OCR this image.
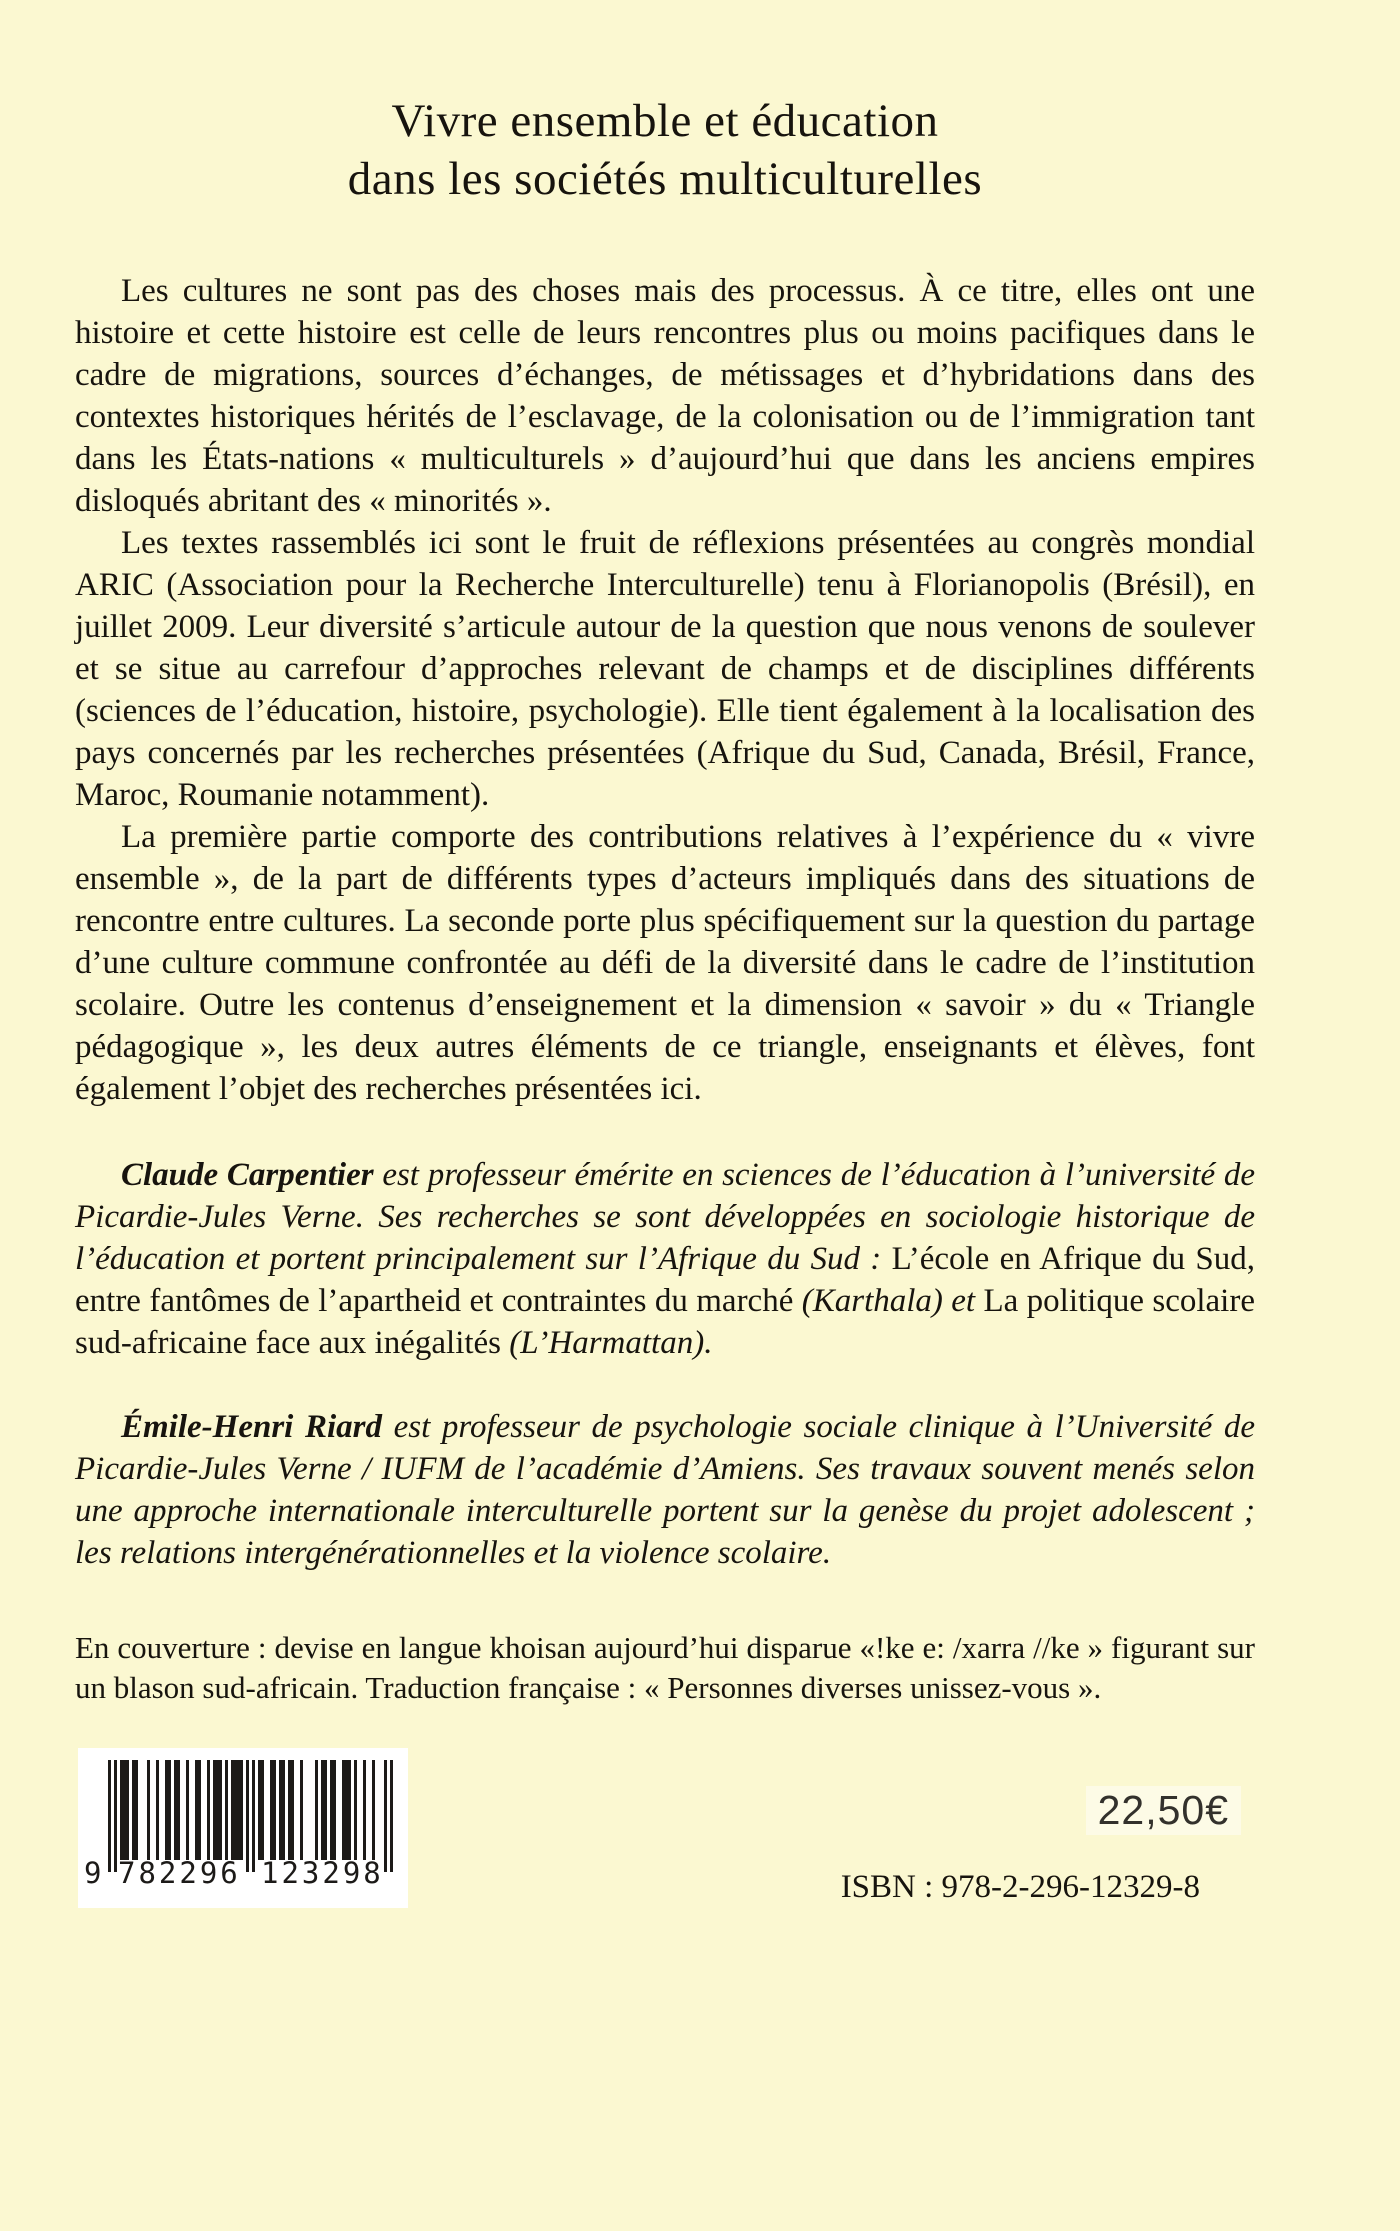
Vivre ensemble et éducation
dans les sociétés multiculturelles

Les cultures ne sont pas des choses mais des processus. À ce titre, elles ont une histoire et cette histoire est celle de leurs rencontres plus ou moins pacifiques dans le cadre de migrations, sources d’échanges, de métissages et d’hybridations dans des contextes historiques hérités de l’esclavage, de la colonisation ou de l’immigration tant dans les États-nations « multiculturels » d’aujourd’hui que dans les anciens empires disloqués abritant des « minorités ».

Les textes rassemblés ici sont le fruit de réflexions présentées au congrès mondial ARIC (Association pour la Recherche Interculturelle) tenu à Florianopolis (Brésil), en juillet 2009. Leur diversité s’articule autour de la question que nous venons de soulever et se situe au carrefour d’approches relevant de champs et de disciplines différents (sciences de l’éducation, histoire, psychologie). Elle tient également à la localisation des pays concernés par les recherches présentées (Afrique du Sud, Canada, Brésil, France, Maroc, Roumanie notamment).

La première partie comporte des contributions relatives à l’expérience du « vivre ensemble », de la part de différents types d’acteurs impliqués dans des situations de rencontre entre cultures. La seconde porte plus spécifiquement sur la question du partage d’une culture commune confrontée au défi de la diversité dans le cadre de l’institution scolaire. Outre les contenus d’enseignement et la dimension « savoir » du « Triangle pédagogique », les deux autres éléments de ce triangle, enseignants et élèves, font également l’objet des recherches présentées ici.

Claude Carpentier est professeur émérite en sciences de l’éducation à l’université de Picardie-Jules Verne. Ses recherches se sont développées en sociologie historique de l’éducation et portent principalement sur l’Afrique du Sud : L’école en Afrique du Sud, entre fantômes de l’apartheid et contraintes du marché (Karthala) et La politique scolaire sud-africaine face aux inégalités (L’Harmattan).

Émile-Henri Riard est professeur de psychologie sociale clinique à l’Université de Picardie-Jules Verne / IUFM de l’académie d’Amiens. Ses travaux souvent menés selon une approche internationale interculturelle portent sur la genèse du projet adolescent ; les relations intergénérationnelles et la violence scolaire.

En couverture : devise en langue khoisan aujourd’hui disparue «!ke e: /xarra //ke » figurant sur un blason sud-africain. Traduction française : « Personnes diverses unissez-vous ».

9 782296 123298
22,50€
ISBN : 978-2-296-12329-8
